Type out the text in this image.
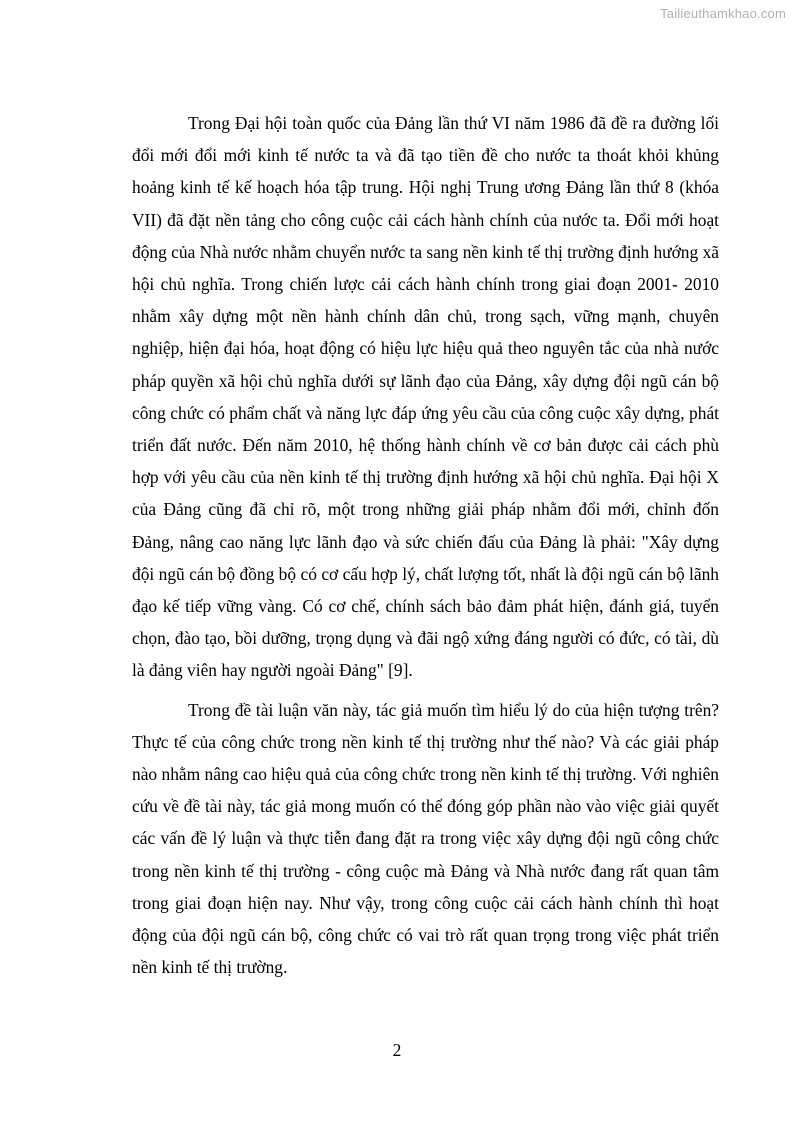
Tailieuthamkhao.com

Trong Đại hội toàn quốc của Đảng lần thứ VI năm 1986 đã đề ra đường lối đổi mới đổi mới kinh tế nước ta và đã tạo tiền đề cho nước ta thoát khỏi khủng hoảng kinh tế kế hoạch hóa tập trung. Hội nghị Trung ương Đảng lần thứ 8 (khóa VII) đã đặt nền tảng cho công cuộc cải cách hành chính của nước ta. Đổi mới hoạt động của Nhà nước nhằm chuyển nước ta sang nền kinh tế thị trường định hướng xã hội chủ nghĩa. Trong chiến lược cải cách hành chính trong giai đoạn 2001- 2010 nhằm xây dựng một nền hành chính dân chủ, trong sạch, vững mạnh, chuyên nghiệp, hiện đại hóa, hoạt động có hiệu lực hiệu quả theo nguyên tắc của nhà nước pháp quyền xã hội chủ nghĩa dưới sự lãnh đạo của Đảng, xây dựng đội ngũ cán bộ công chức có phẩm chất và năng lực đáp ứng yêu cầu của công cuộc xây dựng, phát triển đất nước. Đến năm 2010, hệ thống hành chính về cơ bản được cải cách phù hợp với yêu cầu của nền kinh tế thị trường định hướng xã hội chủ nghĩa. Đại hội X của Đảng cũng đã chỉ rõ, một trong những giải pháp nhằm đổi mới, chỉnh đốn Đảng, nâng cao năng lực lãnh đạo và sức chiến đấu của Đảng là phải: "Xây dựng đội ngũ cán bộ đồng bộ có cơ cấu hợp lý, chất lượng tốt, nhất là đội ngũ cán bộ lãnh đạo kế tiếp vững vàng. Có cơ chế, chính sách bảo đảm phát hiện, đánh giá, tuyển chọn, đào tạo, bồi dưỡng, trọng dụng và đãi ngộ xứng đáng người có đức, có tài, dù là đảng viên hay người ngoài Đảng" [9].

Trong đề tài luận văn này, tác giả muốn tìm hiểu lý do của hiện tượng trên? Thực tế của công chức trong nền kinh tế thị trường như thế nào? Và các giải pháp nào nhằm nâng cao hiệu quả của công chức trong nền kinh tế thị trường. Với nghiên cứu về đề tài này, tác giả mong muốn có thể đóng góp phần nào vào việc giải quyết các vấn đề lý luận và thực tiễn đang đặt ra trong việc xây dựng đội ngũ công chức trong nền kinh tế thị trường - công cuộc mà Đảng và Nhà nước đang rất quan tâm trong giai đoạn hiện nay. Như vậy, trong công cuộc cải cách hành chính thì hoạt động của đội ngũ cán bộ, công chức có vai trò rất quan trọng trong việc phát triển nền kinh tế thị trường.

2
